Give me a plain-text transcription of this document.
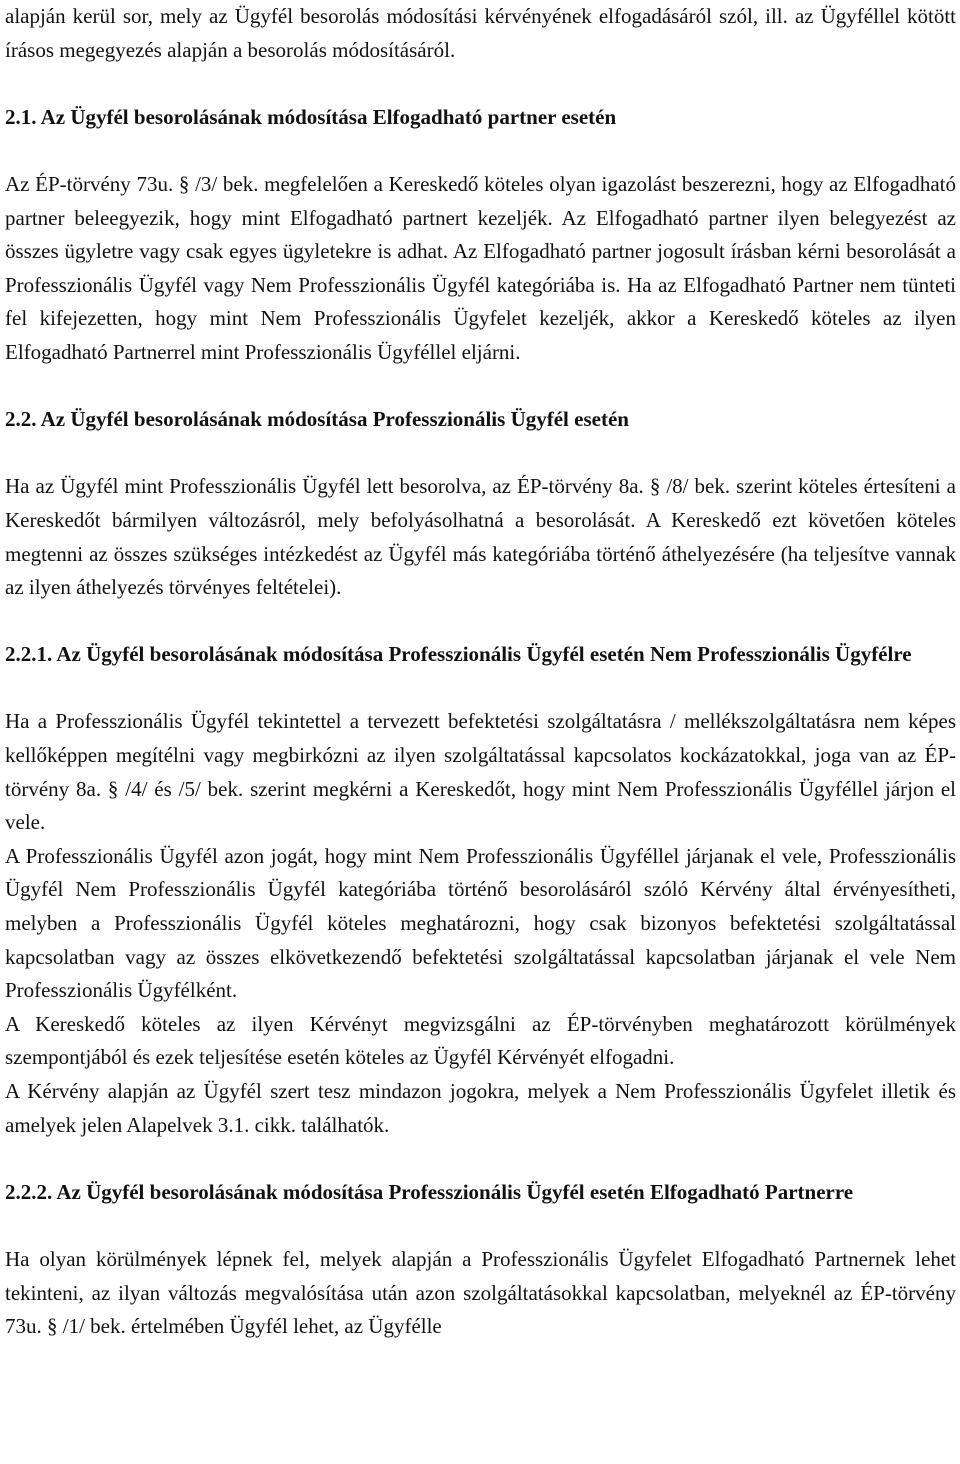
alapján kerül sor, mely az Ügyfél besorolás módosítási kérvényének elfogadásáról szól, ill. az Ügyféllel kötött írásos megegyezés alapján a besorolás módosításáról.

2.1. Az Ügyfél besorolásának módosítása Elfogadható partner esetén

Az ÉP-törvény 73u. § /3/ bek. megfelelően a Kereskedő köteles olyan igazolást beszerezni, hogy az Elfogadható partner beleegyezik, hogy mint Elfogadható partnert kezeljék. Az Elfogadható partner ilyen belegyezést az összes ügyletre vagy csak egyes ügyletekre is adhat. Az Elfogadható partner jogosult írásban kérni besorolását a Professzionális Ügyfél vagy Nem Professzionális Ügyfél kategóriába is. Ha az Elfogadható Partner nem tünteti fel kifejezetten, hogy mint Nem Professzionális Ügyfelet kezeljék, akkor a Kereskedő köteles az ilyen Elfogadható Partnerrel mint Professzionális Ügyféllel eljárni.

2.2. Az Ügyfél besorolásának módosítása Professzionális Ügyfél esetén

Ha az Ügyfél mint Professzionális Ügyfél lett besorolva, az ÉP-törvény 8a. § /8/ bek. szerint köteles értesíteni a Kereskedőt bármilyen változásról, mely befolyásolhatná a besorolását. A Kereskedő ezt követően köteles megtenni az összes szükséges intézkedést az Ügyfél más kategóriába történő áthelyezésére (ha teljesítve vannak az ilyen áthelyezés törvényes feltételei).

2.2.1. Az Ügyfél besorolásának módosítása Professzionális Ügyfél esetén Nem Professzionális Ügyfélre

Ha a Professzionális Ügyfél tekintettel a tervezett befektetési szolgáltatásra / mellékszolgáltatásra nem képes kellőképpen megítélni vagy megbirkózni az ilyen szolgáltatással kapcsolatos kockázatokkal, joga van az ÉP-törvény 8a. § /4/ és /5/ bek. szerint megkérni a Kereskedőt, hogy mint Nem Professzionális Ügyféllel járjon el vele.

A Professzionális Ügyfél azon jogát, hogy mint Nem Professzionális Ügyféllel járjanak el vele, Professzionális Ügyfél Nem Professzionális Ügyfél kategóriába történő besorolásáról szóló Kérvény által érvényesítheti, melyben a Professzionális Ügyfél köteles meghatározni, hogy csak bizonyos befektetési szolgáltatással kapcsolatban vagy az összes elkövetkezendő befektetési szolgáltatással kapcsolatban járjanak el vele Nem Professzionális Ügyfélként.

A Kereskedő köteles az ilyen Kérvényt megvizsgálni az ÉP-törvényben meghatározott körülmények szempontjából és ezek teljesítése esetén köteles az Ügyfél Kérvényét elfogadni.

A Kérvény alapján az Ügyfél szert tesz mindazon jogokra, melyek a Nem Professzionális Ügyfelet illetik és amelyek jelen Alapelvek 3.1. cikk. találhatók.

2.2.2. Az Ügyfél besorolásának módosítása Professzionális Ügyfél esetén Elfogadható Partnerre

Ha olyan körülmények lépnek fel, melyek alapján a Professzionális Ügyfelet Elfogadható Partnernek lehet tekinteni, az ilyan változás megvalósítása után azon szolgáltatásokkal kapcsolatban, melyeknél az ÉP-törvény 73u. § /1/ bek. értelmében Ügyfél lehet, az Ügyfélle
